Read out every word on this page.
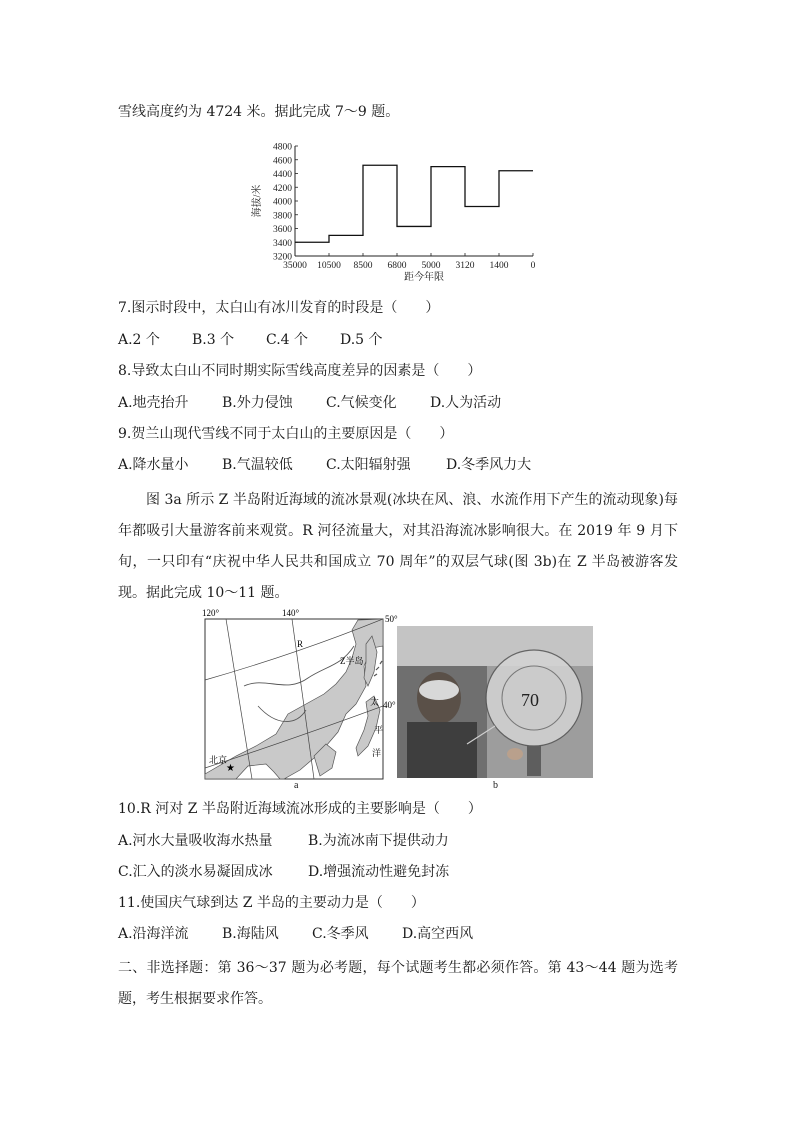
雪线高度约为 4724 米。据此完成 7～9 题。
3200
3400
3600
3800
4000
4200
4400
4600
4800
35000 10500 8500 6800 5000 3120 1400 0
海拔/米
距今年限
7.图示时段中，太白山有冰川发育的时段是（　　）
A.2 个 B.3 个 C.4 个 D.5 个
8.导致太白山不同时期实际雪线高度差异的因素是（　　）
A.地壳抬升 B.外力侵蚀 C.气候变化 D.人为活动
9.贺兰山现代雪线不同于太白山的主要原因是（　　）
A.降水量小 B.气温较低 C.太阳辐射强	D.冬季风力大
图 3a 所示 Z 半岛附近海域的流冰景观(冰块在风、浪、水流作用下产生的流动现象)每年都吸引大量游客前来观赏。R 河径流量大，对其沿海流冰影响很大。在 2019 年 9 月下旬，一只印有“庆祝中华人民共和国成立 70 周年”的双层气球(图 3b)在 Z 半岛被游客发现。据此完成 10～11 题。
120°	140°
50°
40°
R
Z半岛
太
平
洋
北京
★
a
70
b
10.R 河对 Z 半岛附近海域流冰形成的主要影响是（　　）
A.河水大量吸收海水热量	B.为流冰南下提供动力
C.汇入的淡水易凝固成冰	D.增强流动性避免封冻
11.使国庆气球到达 Z 半岛的主要动力是（　　）
A.沿海洋流 B.海陆风 C.冬季风 D.高空西风
二、非选择题：第 36～37 题为必考题，每个试题考生都必须作答。第 43～44 题为选考题，考生根据要求作答。
